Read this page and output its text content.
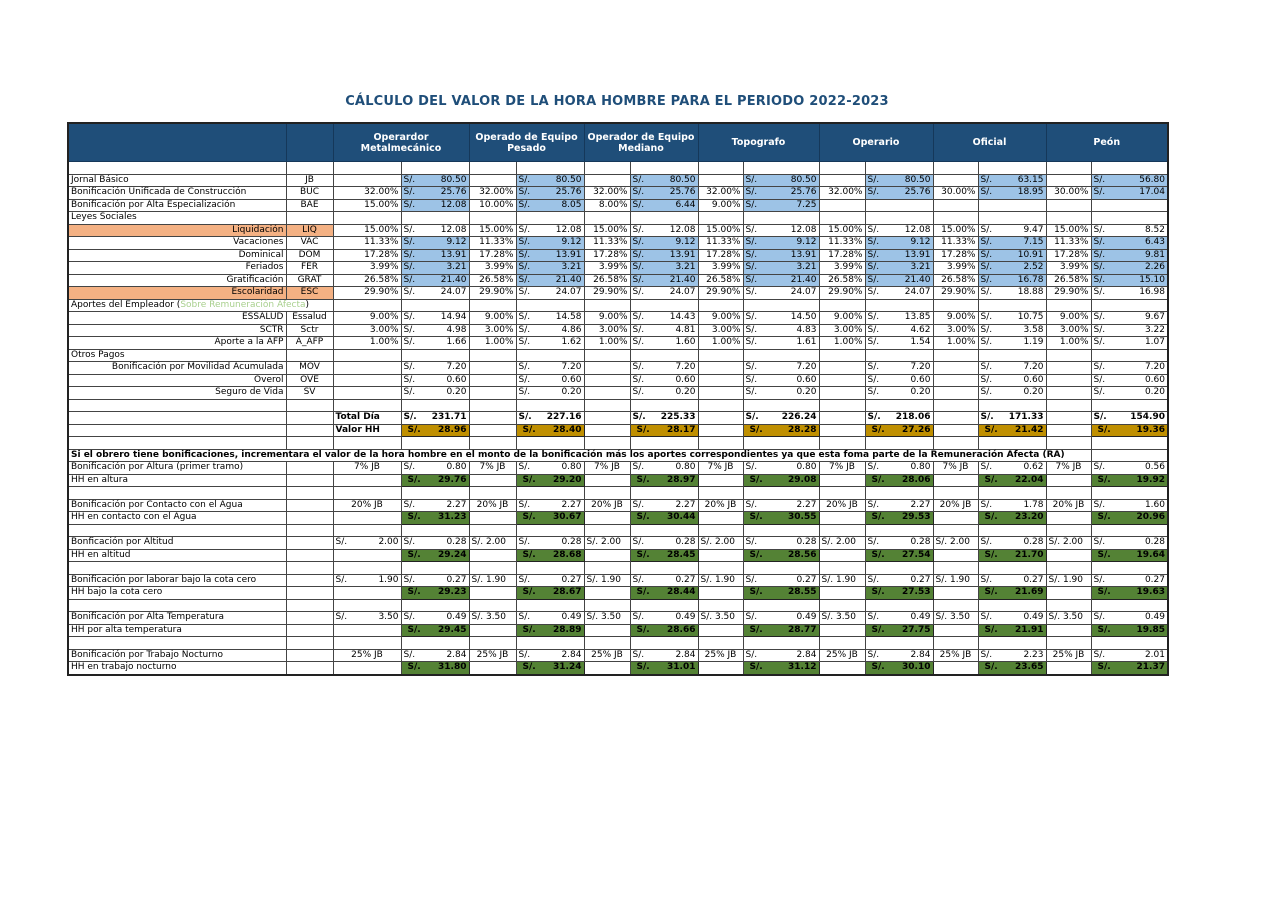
CÁLCULO DEL VALOR DE LA HORA HOMBRE PARA EL PERIODO 2022-2023
		Operardor Metalmecánico		Operado de Equipo Pesado		Operador de Equipo Mediano		Topografo		Operario		Oficial		Peón	

Jornal Básico	JB		S/. 80.50		S/. 80.50		S/. 80.50		S/. 80.50		S/. 80.50		S/. 63.15		S/. 56.80
Bonificación Unificada de Construcción	BUC	32.00%	S/. 25.76	32.00%	S/. 25.76	32.00%	S/. 25.76	32.00%	S/. 25.76	32.00%	S/. 25.76	30.00%	S/. 18.95	30.00%	S/. 17.04
Bonificación por Alta Especialización	BAE	15.00%	S/. 12.08	10.00%	S/. 8.05	8.00%	S/. 6.44	9.00%	S/. 7.25						
Leyes Sociales															
Liquidación	LIQ	15.00%	S/. 12.08	15.00%	S/. 12.08	15.00%	S/. 12.08	15.00%	S/. 12.08	15.00%	S/. 12.08	15.00%	S/. 9.47	15.00%	S/. 8.52
Vacaciones	VAC	11.33%	S/. 9.12	11.33%	S/. 9.12	11.33%	S/. 9.12	11.33%	S/. 9.12	11.33%	S/. 9.12	11.33%	S/. 7.15	11.33%	S/. 6.43
Dominical	DOM	17.28%	S/. 13.91	17.28%	S/. 13.91	17.28%	S/. 13.91	17.28%	S/. 13.91	17.28%	S/. 13.91	17.28%	S/. 10.91	17.28%	S/. 9.81
Feriados	FER	3.99%	S/. 3.21	3.99%	S/. 3.21	3.99%	S/. 3.21	3.99%	S/. 3.21	3.99%	S/. 3.21	3.99%	S/. 2.52	3.99%	S/. 2.26
Gratificación	GRAT	26.58%	S/. 21.40	26.58%	S/. 21.40	26.58%	S/. 21.40	26.58%	S/. 21.40	26.58%	S/. 21.40	26.58%	S/. 16.78	26.58%	S/. 15.10
Escolaridad	ESC	29.90%	S/. 24.07	29.90%	S/. 24.07	29.90%	S/. 24.07	29.90%	S/. 24.07	29.90%	S/. 24.07	29.90%	S/. 18.88	29.90%	S/. 16.98
Aportes del Empleador (Sobre Remuneración Afecta)															
ESSALUD	Essalud	9.00%	S/. 14.94	9.00%	S/. 14.58	9.00%	S/. 14.43	9.00%	S/. 14.50	9.00%	S/. 13.85	9.00%	S/. 10.75	9.00%	S/. 9.67
SCTR	Sctr	3.00%	S/. 4.98	3.00%	S/. 4.86	3.00%	S/. 4.81	3.00%	S/. 4.83	3.00%	S/. 4.62	3.00%	S/. 3.58	3.00%	S/. 3.22
Aporte a la AFP	A_AFP	1.00%	S/. 1.66	1.00%	S/. 1.62	1.00%	S/. 1.60	1.00%	S/. 1.61	1.00%	S/. 1.54	1.00%	S/. 1.19	1.00%	S/. 1.07
Otros Pagos															
Bonificación por Movilidad Acumulada	MOV		S/. 7.20		S/. 7.20		S/. 7.20		S/. 7.20		S/. 7.20		S/. 7.20		S/. 7.20
Overol	OVE		S/. 0.60		S/. 0.60		S/. 0.60		S/. 0.60		S/. 0.60		S/. 0.60		S/. 0.60
Seguro de Vida	SV		S/. 0.20		S/. 0.20		S/. 0.20		S/. 0.20		S/. 0.20		S/. 0.20		S/. 0.20

		Total Día	S/. 231.71		S/. 227.16		S/. 225.33		S/. 226.24		S/. 218.06		S/. 171.33		S/. 154.90
		Valor HH	S/. 28.96		S/. 28.40		S/. 28.17		S/. 28.28		S/. 27.26		S/. 21.42		S/. 19.36

Si el obrero tiene bonificaciones, incrementara el valor de la hora hombre en el monto de la bonificación más los aportes correspondientes ya que esta foma parte de la Remuneración Afecta (RA)															
Bonificación por Altura (primer tramo)		7% JB	S/. 0.80	7% JB	S/. 0.80	7% JB	S/. 0.80	7% JB	S/. 0.80	7% JB	S/. 0.80	7% JB	S/. 0.62	7% JB	S/. 0.56
HH en altura			S/. 29.76		S/. 29.20		S/. 28.97		S/. 29.08		S/. 28.06		S/. 22.04		S/. 19.92

Bonificación por Contacto con el Agua		20% JB	S/. 2.27	20% JB	S/. 2.27	20% JB	S/. 2.27	20% JB	S/. 2.27	20% JB	S/. 2.27	20% JB	S/. 1.78	20% JB	S/. 1.60
HH en contacto con el Agua			S/. 31.23		S/. 30.67		S/. 30.44		S/. 30.55		S/. 29.53		S/. 23.20		S/. 20.96

Bonficación por Altitud		S/. 2.00	S/. 0.28	S/. 2.00	S/. 0.28	S/. 2.00	S/. 0.28	S/. 2.00	S/. 0.28	S/. 2.00	S/. 0.28	S/. 2.00	S/. 0.28	S/. 2.00	S/. 0.28
HH en altitud			S/. 29.24		S/. 28.68		S/. 28.45		S/. 28.56		S/. 27.54		S/. 21.70		S/. 19.64

Bonificación por laborar bajo la cota cero		S/. 1.90	S/. 0.27	S/. 1.90	S/. 0.27	S/. 1.90	S/. 0.27	S/. 1.90	S/. 0.27	S/. 1.90	S/. 0.27	S/. 1.90	S/. 0.27	S/. 1.90	S/. 0.27
HH bajo la cota cero			S/. 29.23		S/. 28.67		S/. 28.44		S/. 28.55		S/. 27.53		S/. 21.69		S/. 19.63

Bonificación por Alta Temperatura		S/. 3.50	S/. 0.49	S/. 3.50	S/. 0.49	S/. 3.50	S/. 0.49	S/. 3.50	S/. 0.49	S/. 3.50	S/. 0.49	S/. 3.50	S/. 0.49	S/. 3.50	S/. 0.49
HH por alta temperatura			S/. 29.45		S/. 28.89		S/. 28.66		S/. 28.77		S/. 27.75		S/. 21.91		S/. 19.85

Bonificación por Trabajo Nocturno		25% JB	S/. 2.84	25% JB	S/. 2.84	25% JB	S/. 2.84	25% JB	S/. 2.84	25% JB	S/. 2.84	25% JB	S/. 2.23	25% JB	S/. 2.01
HH en trabajo nocturno			S/. 31.80		S/. 31.24		S/. 31.01		S/. 31.12		S/. 30.10		S/. 23.65		S/. 21.37
